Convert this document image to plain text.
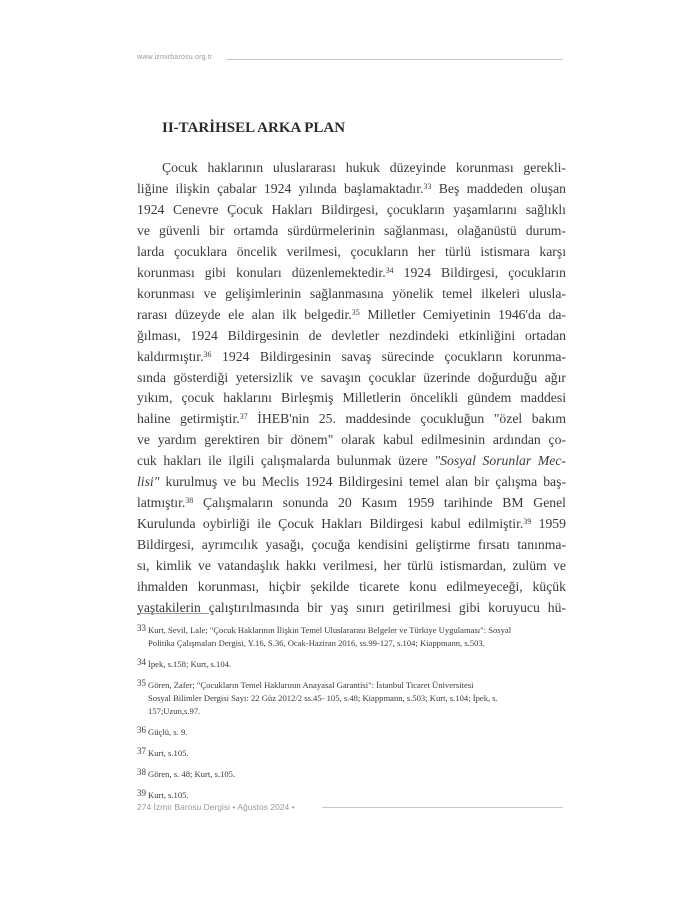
www.izmirbarosu.org.tr
II-TARİHSEL ARKA PLAN
Çocuk haklarının uluslararası hukuk düzeyinde korunması gerekli-
liğine ilişkin çabalar 1924 yılında başlamaktadır.$^{33}$ Beş maddeden oluşan
1924 Cenevre Çocuk Hakları Bildirgesi, çocukların yaşamlarını sağlıklı
ve güvenli bir ortamda sürdürmelerinin sağlanması, olağanüstü durum-
larda çocuklara öncelik verilmesi, çocukların her türlü istismara karşı
korunması gibi konuları düzenlemektedir.$^{34}$ 1924 Bildirgesi, çocukların
korunması ve gelişimlerinin sağlanmasına yönelik temel ilkeleri ulusla-
rarası düzeyde ele alan ilk belgedir.$^{35}$ Milletler Cemiyetinin 1946'da da-
ğılması, 1924 Bildirgesinin de devletler nezdindeki etkinliğini ortadan
kaldırmıştır.$^{36}$ 1924 Bildirgesinin savaş sürecinde çocukların korunma-
sında gösterdiği yetersizlik ve savaşın çocuklar üzerinde doğurduğu ağır
yıkım, çocuk haklarını Birleşmiş Milletlerin öncelikli gündem maddesi
haline getirmiştir.$^{37}$ İHEB'nin 25. maddesinde çocukluğun "özel bakım
ve yardım gerektiren bir dönem" olarak kabul edilmesinin ardından ço-
cuk hakları ile ilgili çalışmalarda bulunmak üzere "Sosyal Sorunlar Mec-
lisi" kurulmuş ve bu Meclis 1924 Bildirgesini temel alan bir çalışma baş-
latmıştır.$^{38}$ Çalışmaların sonunda 20 Kasım 1959 tarihinde BM Genel
Kurulunda oybirliği ile Çocuk Hakları Bildirgesi kabul edilmiştir.$^{39}$ 1959
Bildirgesi, ayrımcılık yasağı, çocuğa kendisini geliştirme fırsatı tanınma-
sı, kimlik ve vatandaşlık hakkı verilmesi, her türlü istismardan, zulüm ve
ihmalden korunması, hiçbir şekilde ticarete konu edilmeyeceği, küçük
yaştakilerin çalıştırılmasında bir yaş sınırı getirilmesi gibi koruyucu hü-
33 Kurt, Sevil, Lale; "Çocuk Haklarının İlişkin Temel Uluslararası Belgeler ve Türkiye Uygulaması": Sosyal
Politika Çalışmaları Dergisi, Y.16, S.36, Ocak-Haziran 2016, ss.99-127, s.104; Kiappmann, s.503.
34 İpek, s.158; Kurt, s.104.
35 Gören, Zafer; "Çocukların Temel Haklarının Anayasal Garantisi": İstanbul Ticaret Üniversitesi
Sosyal Bilimler Dergisi Sayı: 22 Güz 2012/2 ss.45- 105, s.48; Kiappmann, s.503; Kurt, s.104; İpek, s.
157;Uzun,s.97.
36 Güçlü, s. 9.
37 Kurt, s.105.
38 Gören, s. 48; Kurt, s.105.
39 Kurt, s.105.
274 İzmir Barosu Dergisi • Ağustos 2024 •
